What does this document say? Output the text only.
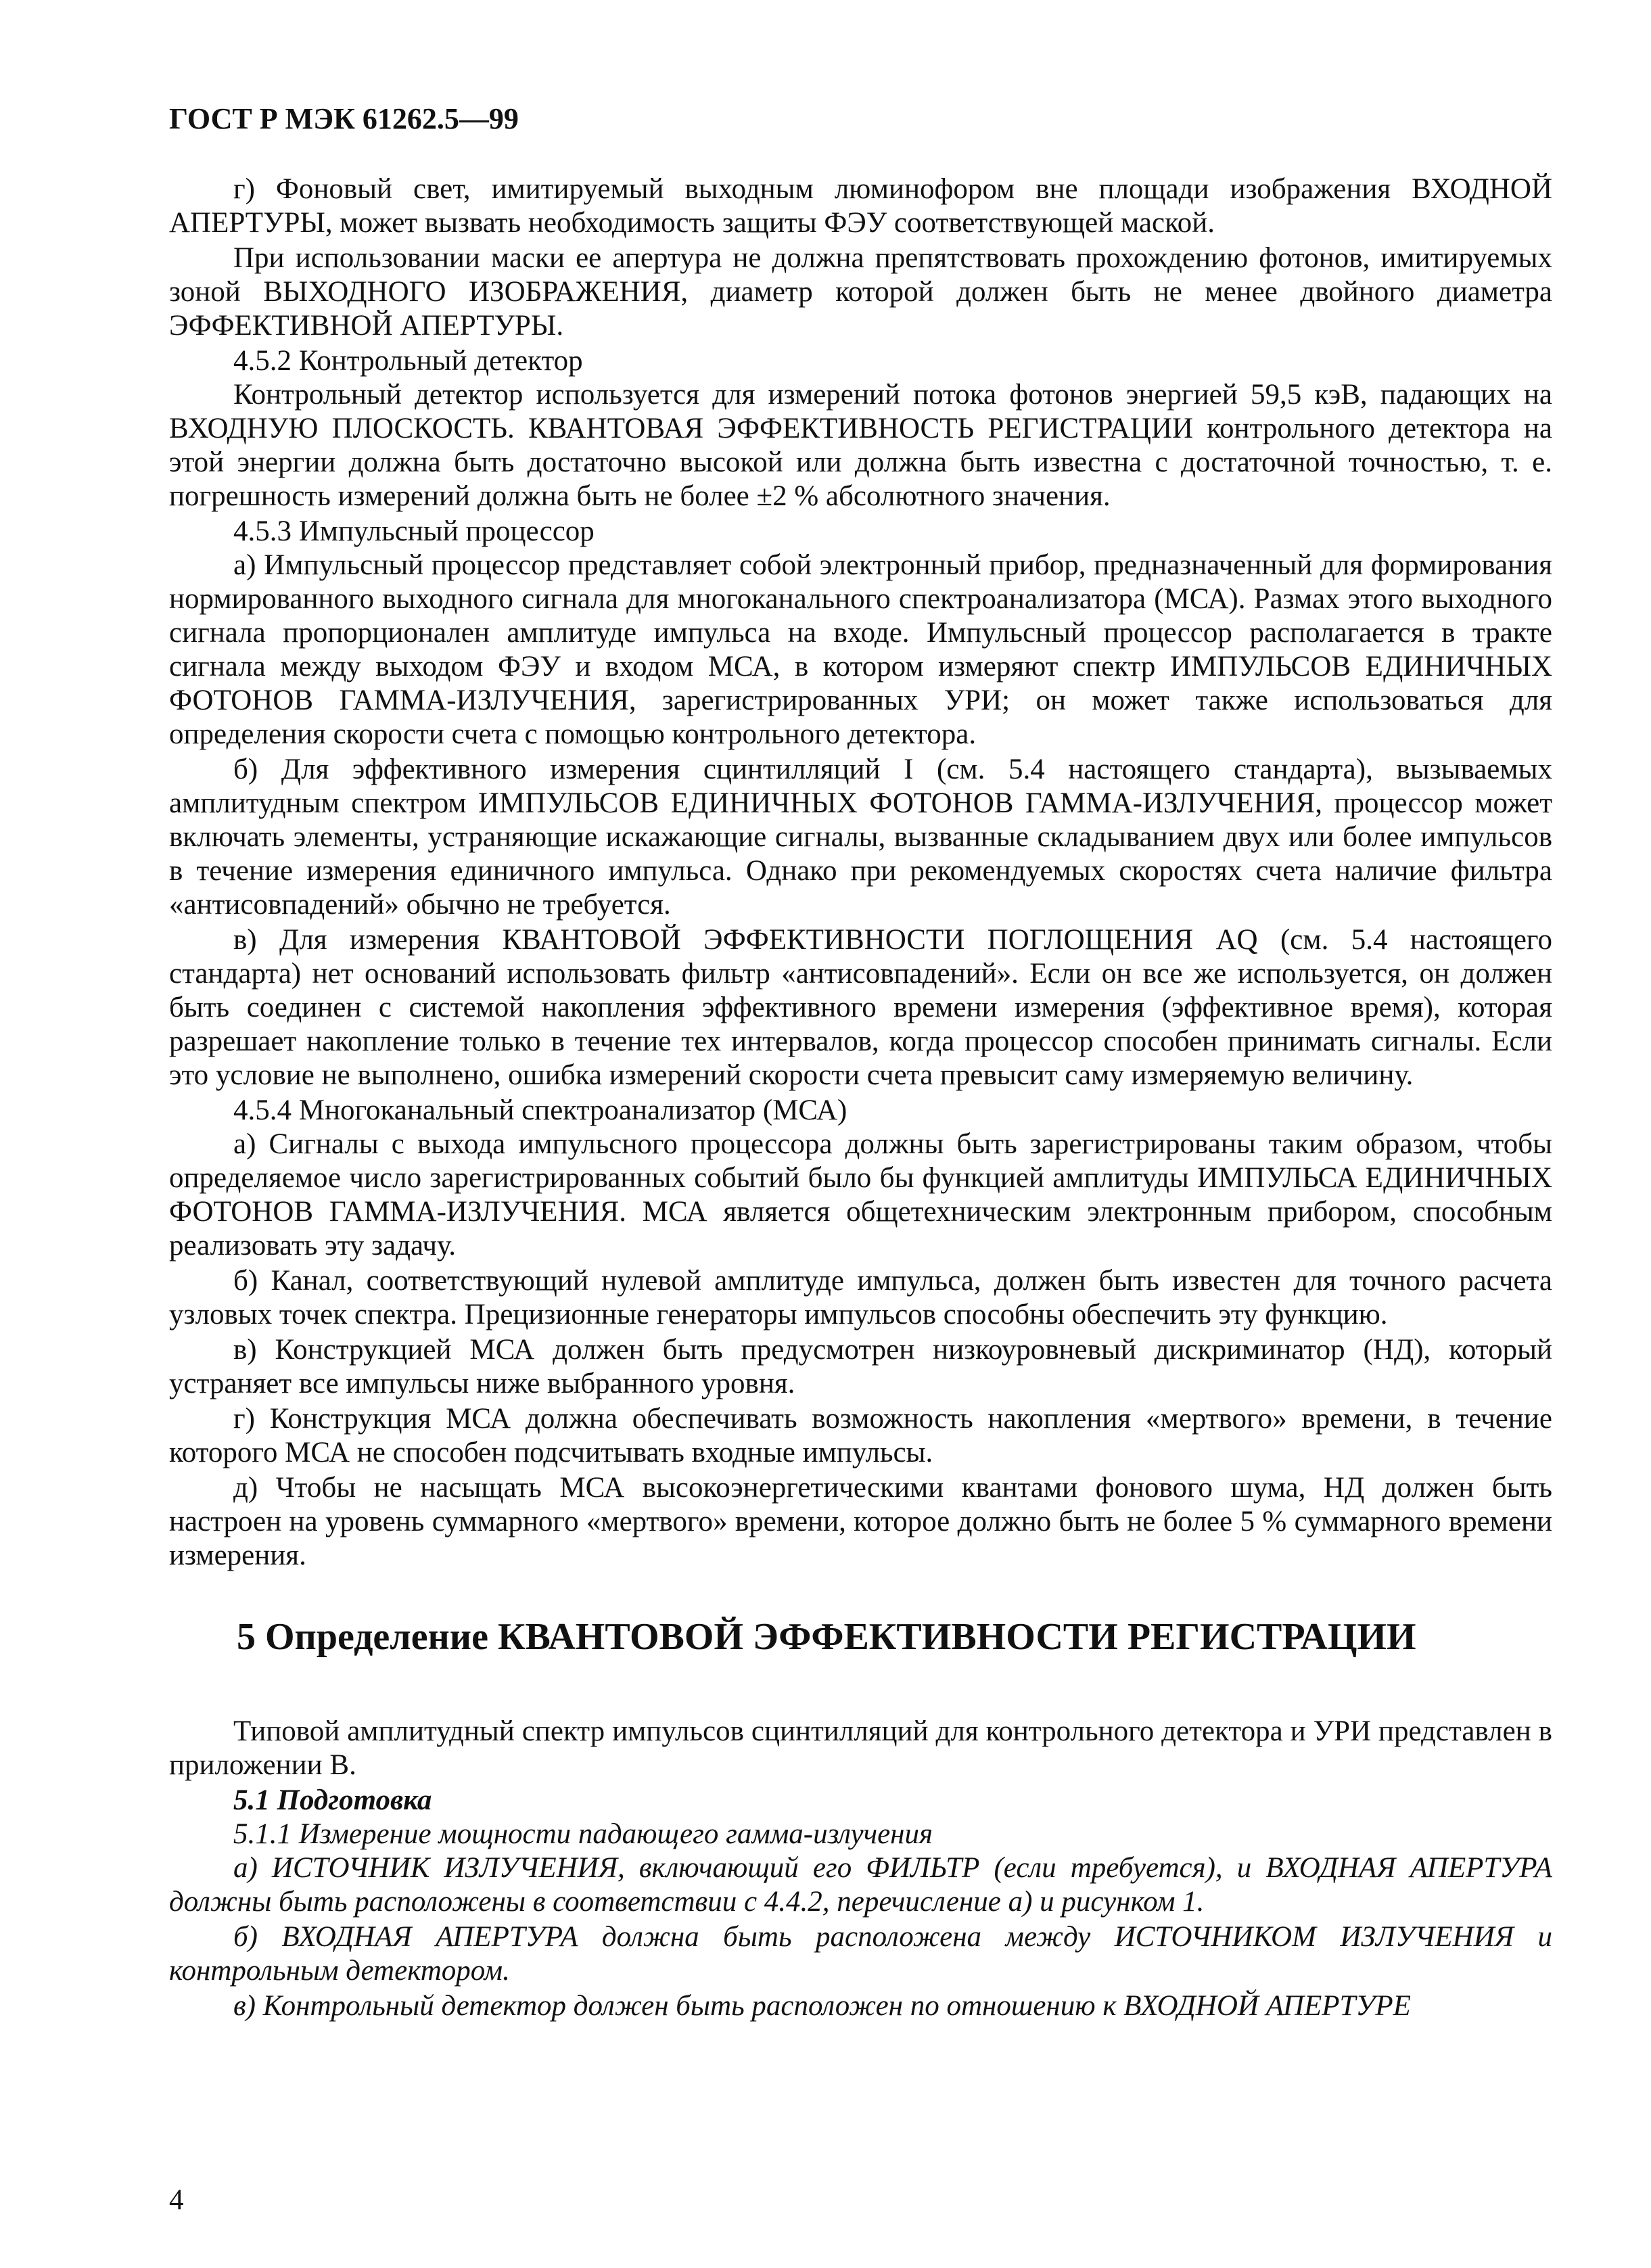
ГОСТ Р МЭК 61262.5—99

г) Фоновый свет, имитируемый выходным люминофором вне площади изображения ВХОДНОЙ АПЕРТУРЫ, может вызвать необходимость защиты ФЭУ соответствующей маской.

При использовании маски ее апертура не должна препятствовать прохождению фотонов, имитируемых зоной ВЫХОДНОГО ИЗОБРАЖЕНИЯ, диаметр которой должен быть не менее двойного диаметра ЭФФЕКТИВНОЙ АПЕРТУРЫ.

4.5.2 Контрольный детектор

Контрольный детектор используется для измерений потока фотонов энергией 59,5 кэВ, падающих на ВХОДНУЮ ПЛОСКОСТЬ. КВАНТОВАЯ ЭФФЕКТИВНОСТЬ РЕГИСТРАЦИИ контрольного детектора на этой энергии должна быть достаточно высокой или должна быть известна с достаточной точностью, т. е. погрешность измерений должна быть не более ±2 % абсолютного значения.

4.5.3 Импульсный процессор

а) Импульсный процессор представляет собой электронный прибор, предназначенный для формирования нормированного выходного сигнала для многоканального спектроанализатора (МСА). Размах этого выходного сигнала пропорционален амплитуде импульса на входе. Импульсный процессор располагается в тракте сигнала между выходом ФЭУ и входом МСА, в котором измеряют спектр ИМПУЛЬСОВ ЕДИНИЧНЫХ ФОТОНОВ ГАММА-ИЗЛУЧЕНИЯ, зарегистрированных УРИ; он может также использоваться для определения скорости счета с помощью контрольного детектора.

б) Для эффективного измерения сцинтилляций I (см. 5.4 настоящего стандарта), вызываемых амплитудным спектром ИМПУЛЬСОВ ЕДИНИЧНЫХ ФОТОНОВ ГАММА-ИЗЛУЧЕНИЯ, процессор может включать элементы, устраняющие искажающие сигналы, вызванные складыванием двух или более импульсов в течение измерения единичного импульса. Однако при рекомендуемых скоростях счета наличие фильтра «антисовпадений» обычно не требуется.

в) Для измерения КВАНТОВОЙ ЭФФЕКТИВНОСТИ ПОГЛОЩЕНИЯ AQ (см. 5.4 настоящего стандарта) нет оснований использовать фильтр «антисовпадений». Если он все же используется, он должен быть соединен с системой накопления эффективного времени измерения (эффективное время), которая разрешает накопление только в течение тех интервалов, когда процессор способен принимать сигналы. Если это условие не выполнено, ошибка измерений скорости счета превысит саму измеряемую величину.

4.5.4 Многоканальный спектроанализатор (МСА)

а) Сигналы с выхода импульсного процессора должны быть зарегистрированы таким образом, чтобы определяемое число зарегистрированных событий было бы функцией амплитуды ИМПУЛЬСА ЕДИНИЧНЫХ ФОТОНОВ ГАММА-ИЗЛУЧЕНИЯ. МСА является общетехническим электронным прибором, способным реализовать эту задачу.

б) Канал, соответствующий нулевой амплитуде импульса, должен быть известен для точного расчета узловых точек спектра. Прецизионные генераторы импульсов способны обеспечить эту функцию.

в) Конструкцией МСА должен быть предусмотрен низкоуровневый дискриминатор (НД), который устраняет все импульсы ниже выбранного уровня.

г) Конструкция МСА должна обеспечивать возможность накопления «мертвого» времени, в течение которого МСА не способен подсчитывать входные импульсы.

д) Чтобы не насыщать МСА высокоэнергетическими квантами фонового шума, НД должен быть настроен на уровень суммарного «мертвого» времени, которое должно быть не более 5 % суммарного времени измерения.

5 Определение КВАНТОВОЙ ЭФФЕКТИВНОСТИ РЕГИСТРАЦИИ

Типовой амплитудный спектр импульсов сцинтилляций для контрольного детектора и УРИ представлен в приложении В.

5.1 Подготовка

5.1.1 Измерение мощности падающего гамма-излучения

а) ИСТОЧНИК ИЗЛУЧЕНИЯ, включающий его ФИЛЬТР (если требуется), и ВХОДНАЯ АПЕРТУРА должны быть расположены в соответствии с 4.4.2, перечисление а) и рисунком 1.

б) ВХОДНАЯ АПЕРТУРА должна быть расположена между ИСТОЧНИКОМ ИЗЛУЧЕНИЯ и контрольным детектором.

в) Контрольный детектор должен быть расположен по отношению к ВХОДНОЙ АПЕРТУРЕ

4
